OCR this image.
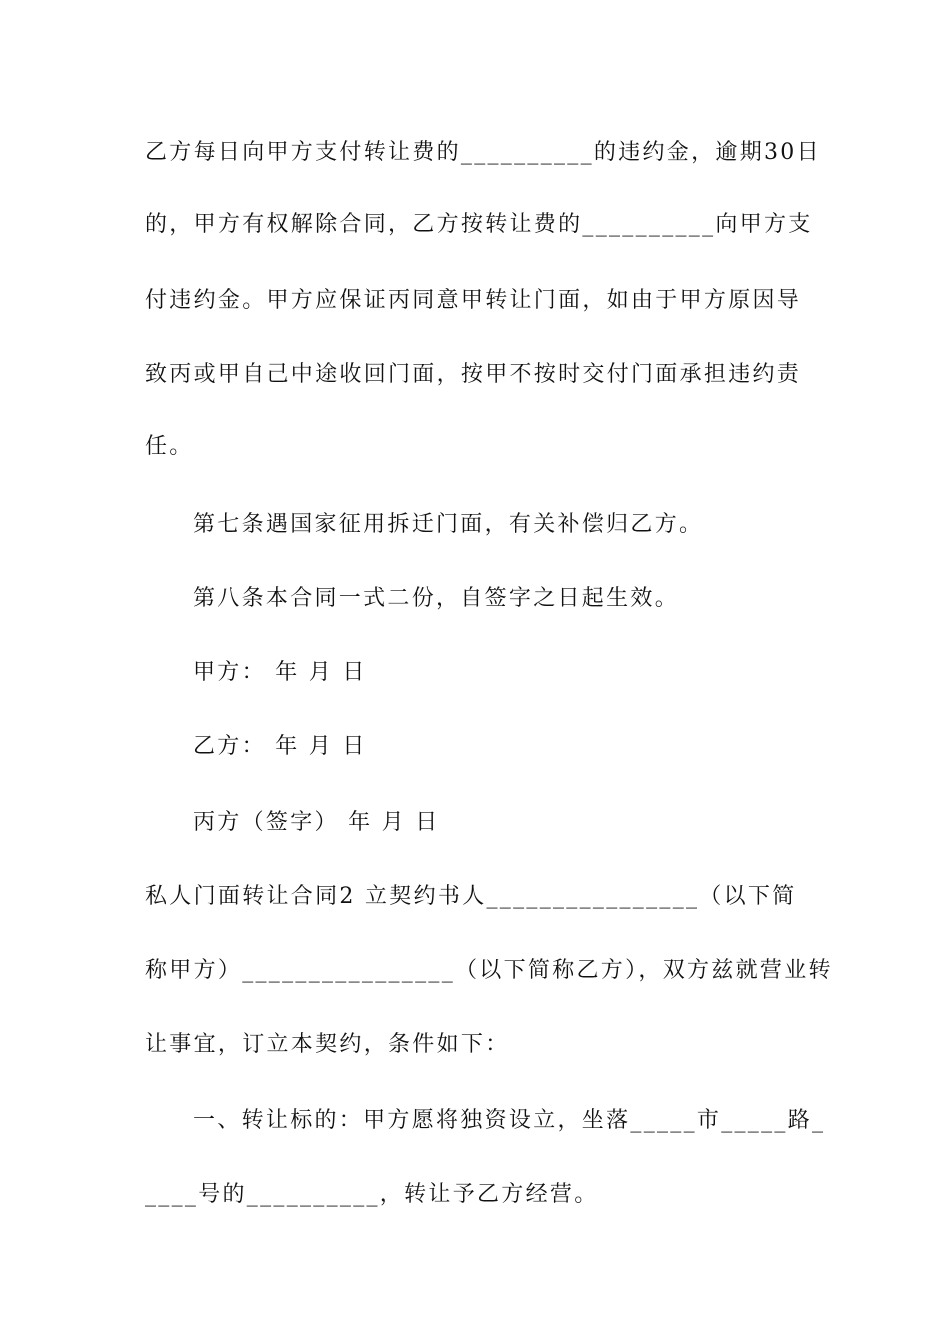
乙方每日向甲方支付转让费的__________的违约金，逾期30日
的，甲方有权解除合同，乙方按转让费的__________向甲方支
付违约金。甲方应保证丙同意甲转让门面，如由于甲方原因导
致丙或甲自己中途收回门面，按甲不按时交付门面承担违约责
任。
第七条遇国家征用拆迁门面，有关补偿归乙方。
第八条本合同一式二份，自签字之日起生效。
甲方： 年 月 日
乙方： 年 月 日
丙方（签字） 年 月 日
私人门面转让合同2 立契约书人________________（以下简
称甲方）________________（以下简称乙方），双方兹就营业转
让事宜，订立本契约，条件如下：
一、转让标的：甲方愿将独资设立，坐落_____市_____路_
____号的__________，转让予乙方经营。
